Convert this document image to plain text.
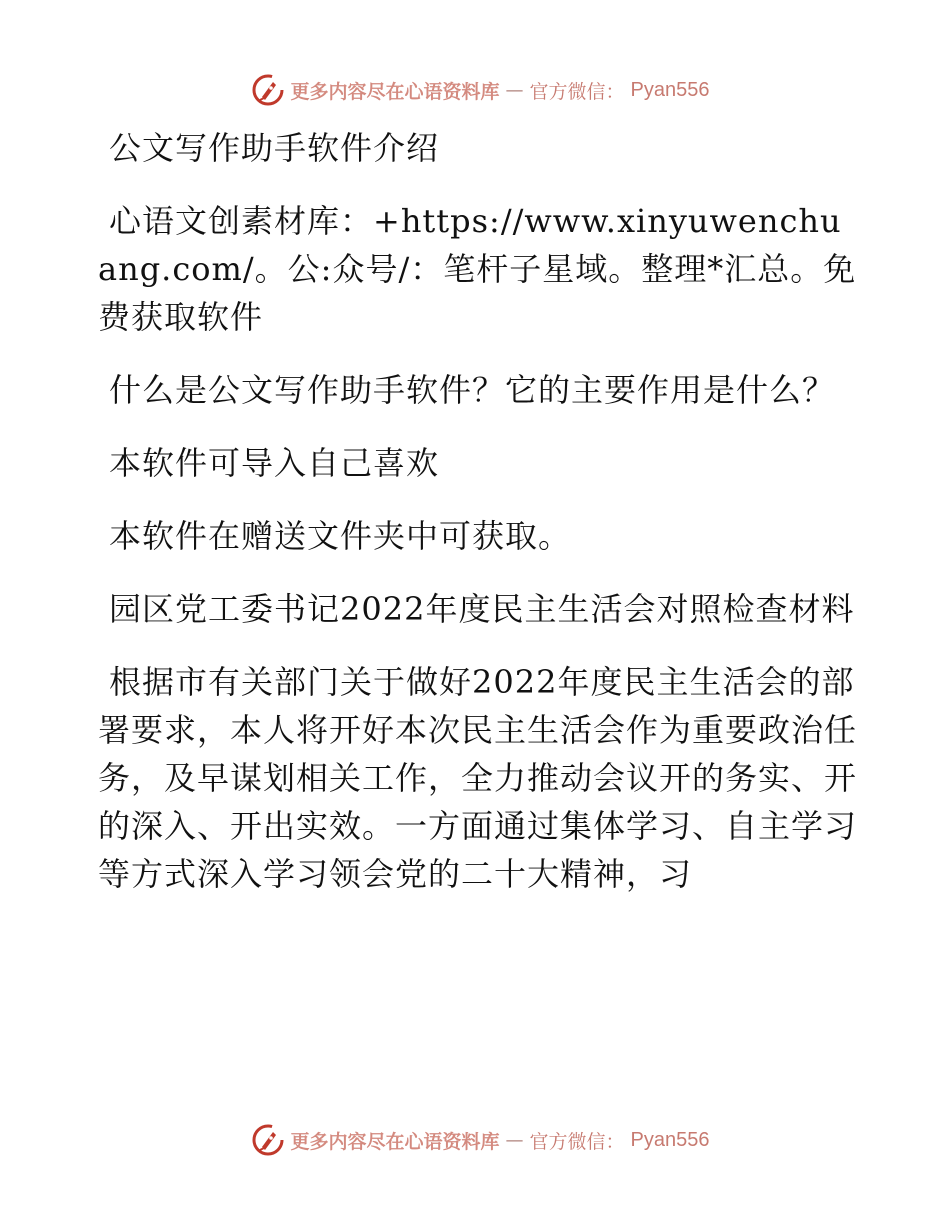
更多内容尽在心语资料库 — 官方微信： Pyan556

公文写作助手软件介绍

心语文创素材库：+https://www.xinyuwenchuang.com/。公:众号/：笔杆子星域。整理*汇总。免费获取软件

什么是公文写作助手软件？它的主要作用是什么？

本软件可导入自己喜欢

本软件在赠送文件夹中可获取。

园区党工委书记2022年度民主生活会对照检查材料

根据市有关部门关于做好2022年度民主生活会的部署要求，本人将开好本次民主生活会作为重要政治任务，及早谋划相关工作，全力推动会议开的务实、开的深入、开出实效。一方面通过集体学习、自主学习等方式深入学习领会党的二十大精神，习

更多内容尽在心语资料库 — 官方微信： Pyan556
